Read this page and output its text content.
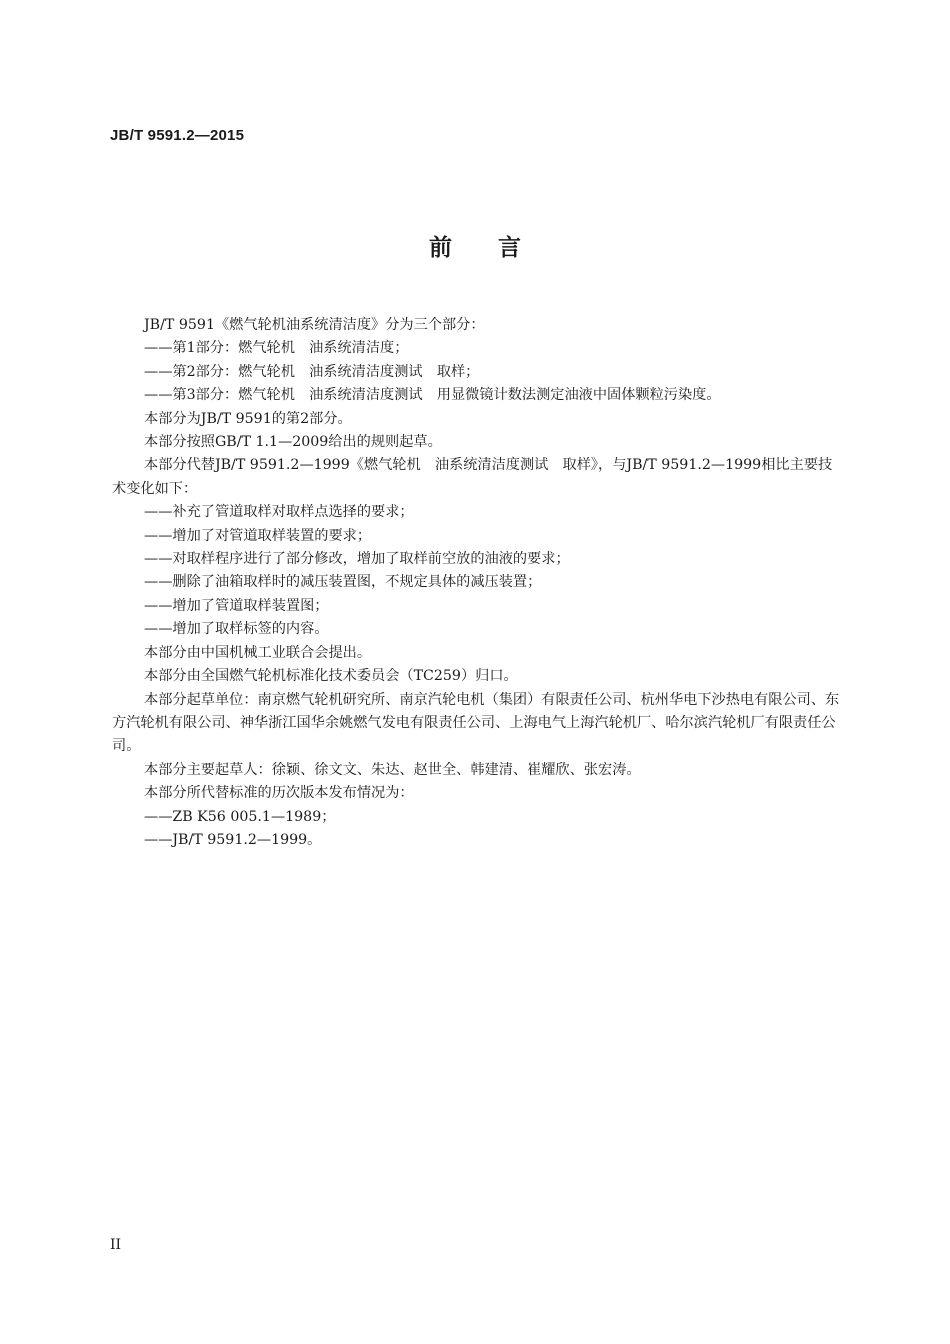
JB/T 9591.2—2015
前 言

JB/T 9591《燃气轮机油系统清洁度》分为三个部分：

——第1部分：燃气轮机　油系统清洁度；

——第2部分：燃气轮机　油系统清洁度测试　取样；

——第3部分：燃气轮机　油系统清洁度测试　用显微镜计数法测定油液中固体颗粒污染度。

本部分为JB/T 9591的第2部分。

本部分按照GB/T 1.1—2009给出的规则起草。

本部分代替JB/T 9591.2—1999《燃气轮机　油系统清洁度测试　取样》，与JB/T 9591.2—1999相比主要技术变化如下：

——补充了管道取样对取样点选择的要求；

——增加了对管道取样装置的要求；

——对取样程序进行了部分修改，增加了取样前空放的油液的要求；

——删除了油箱取样时的减压装置图，不规定具体的减压装置；

——增加了管道取样装置图；

——增加了取样标签的内容。

本部分由中国机械工业联合会提出。

本部分由全国燃气轮机标准化技术委员会（TC259）归口。

本部分起草单位：南京燃气轮机研究所、南京汽轮电机（集团）有限责任公司、杭州华电下沙热电有限公司、东方汽轮机有限公司、神华浙江国华余姚燃气发电有限责任公司、上海电气上海汽轮机厂、哈尔滨汽轮机厂有限责任公司。

本部分主要起草人：徐颖、徐文文、朱达、赵世全、韩建清、崔耀欣、张宏涛。

本部分所代替标准的历次版本发布情况为：

——ZB K56 005.1—1989；

——JB/T 9591.2—1999。

II
